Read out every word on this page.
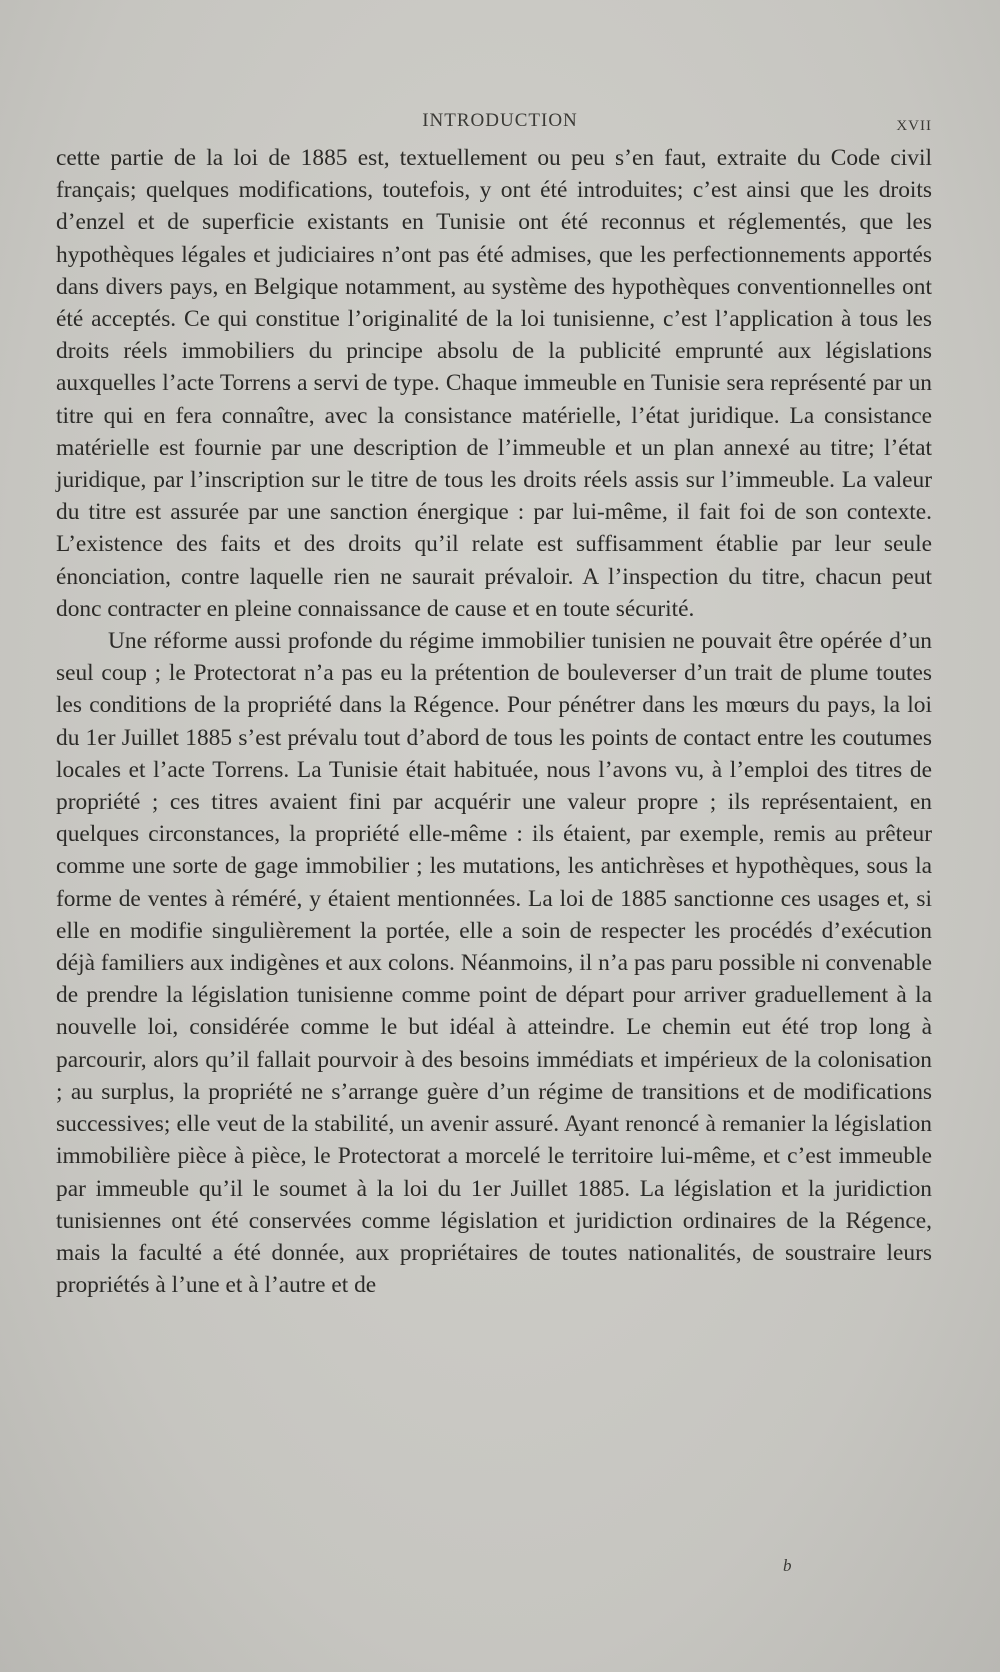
INTRODUCTION	XVII

cette partie de la loi de 1885 est, textuellement ou peu s’en faut, extraite du Code civil français; quelques modifications, toutefois, y ont été introduites; c’est ainsi que les droits d’enzel et de superficie existants en Tunisie ont été reconnus et réglementés, que les hypothèques légales et judiciaires n’ont pas été admises, que les perfectionnements apportés dans divers pays, en Belgique notamment, au système des hypothèques conventionnelles ont été acceptés. Ce qui constitue l’originalité de la loi tunisienne, c’est l’application à tous les droits réels immobiliers du principe absolu de la publicité emprunté aux législations auxquelles l’acte Torrens a servi de type. Chaque immeuble en Tunisie sera représenté par un titre qui en fera connaître, avec la consistance matérielle, l’état juridique. La consistance matérielle est fournie par une description de l’immeuble et un plan annexé au titre; l’état juridique, par l’inscription sur le titre de tous les droits réels assis sur l’immeuble. La valeur du titre est assurée par une sanction énergique : par lui-même, il fait foi de son contexte. L’existence des faits et des droits qu’il relate est suffisamment établie par leur seule énonciation, contre laquelle rien ne saurait prévaloir. A l’inspection du titre, chacun peut donc contracter en pleine connaissance de cause et en toute sécurité.

Une réforme aussi profonde du régime immobilier tunisien ne pouvait être opérée d’un seul coup ; le Protectorat n’a pas eu la prétention de bouleverser d’un trait de plume toutes les conditions de la propriété dans la Régence. Pour pénétrer dans les mœurs du pays, la loi du 1er Juillet 1885 s’est prévalu tout d’abord de tous les points de contact entre les coutumes locales et l’acte Torrens. La Tunisie était habituée, nous l’avons vu, à l’emploi des titres de propriété ; ces titres avaient fini par acquérir une valeur propre ; ils représentaient, en quelques circonstances, la propriété elle-même : ils étaient, par exemple, remis au prêteur comme une sorte de gage immobilier ; les mutations, les antichrèses et hypothèques, sous la forme de ventes à réméré, y étaient mentionnées. La loi de 1885 sanctionne ces usages et, si elle en modifie singulièrement la portée, elle a soin de respecter les procédés d’exécution déjà familiers aux indigènes et aux colons. Néanmoins, il n’a pas paru possible ni convenable de prendre la législation tunisienne comme point de départ pour arriver graduellement à la nouvelle loi, considérée comme le but idéal à atteindre. Le chemin eut été trop long à parcourir, alors qu’il fallait pourvoir à des besoins immédiats et impérieux de la colonisation ; au surplus, la propriété ne s’arrange guère d’un régime de transitions et de modifications successives; elle veut de la stabilité, un avenir assuré. Ayant renoncé à remanier la législation immobilière pièce à pièce, le Protectorat a morcelé le territoire lui-même, et c’est immeuble par immeuble qu’il le soumet à la loi du 1er Juillet 1885. La législation et la juridiction tunisiennes ont été conservées comme législation et juridiction ordinaires de la Régence, mais la faculté a été donnée, aux propriétaires de toutes nationalités, de soustraire leurs propriétés à l’une et à l’autre et de

b
